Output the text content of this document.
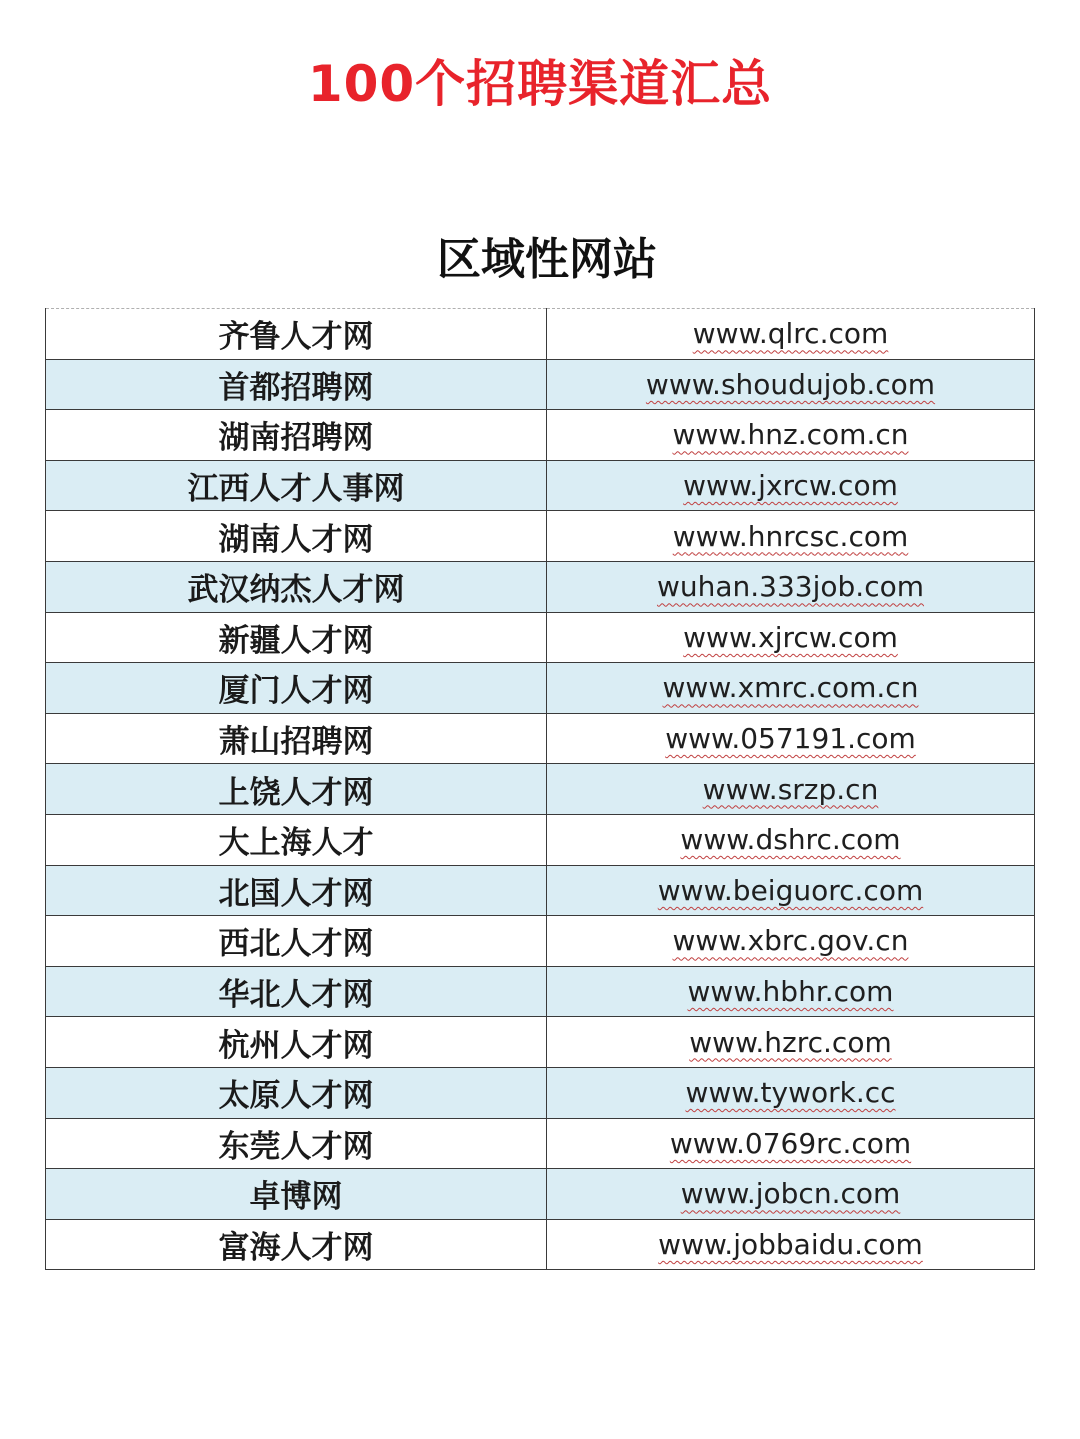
100个招聘渠道汇总
区域性网站
齐鲁人才网	www.qlrc.com
首都招聘网	www.shoudujob.com
湖南招聘网	www.hnz.com.cn
江西人才人事网	www.jxrcw.com
湖南人才网	www.hnrcsc.com
武汉纳杰人才网	wuhan.333job.com
新疆人才网	www.xjrcw.com
厦门人才网	www.xmrc.com.cn
萧山招聘网	www.057191.com
上饶人才网	www.srzp.cn
大上海人才	www.dshrc.com
北国人才网	www.beiguorc.com
西北人才网	www.xbrc.gov.cn
华北人才网	www.hbhr.com
杭州人才网	www.hzrc.com
太原人才网	www.tywork.cc
东莞人才网	www.0769rc.com
卓博网	www.jobcn.com
富海人才网	www.jobbaidu.com
